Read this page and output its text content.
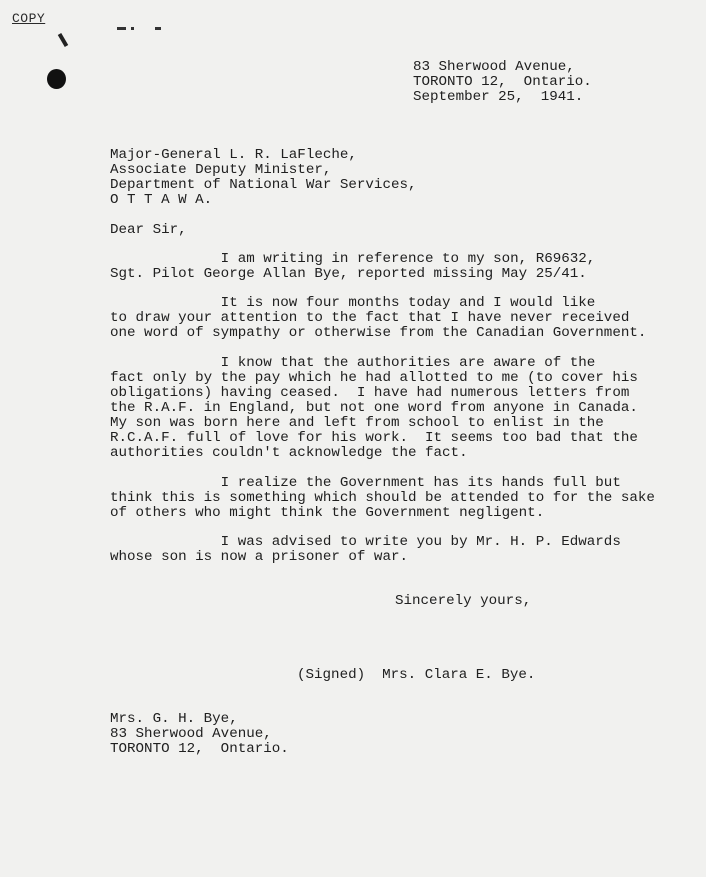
COPY
83 Sherwood Avenue,
TORONTO 12,  Ontario.
September 25,  1941.
Major-General L. R. LaFleche,
Associate Deputy Minister,
Department of National War Services,
O T T A W A.
Dear Sir,
I am writing in reference to my son, R69632,
Sgt. Pilot George Allan Bye, reported missing May 25/41.
It is now four months today and I would like
to draw your attention to the fact that I have never received
one word of sympathy or otherwise from the Canadian Government.
I know that the authorities are aware of the
fact only by the pay which he had allotted to me (to cover his
obligations) having ceased.  I have had numerous letters from
the R.A.F. in England, but not one word from anyone in Canada.
My son was born here and left from school to enlist in the
R.C.A.F. full of love for his work.  It seems too bad that the
authorities couldn't acknowledge the fact.
I realize the Government has its hands full but
think this is something which should be attended to for the sake
of others who might think the Government negligent.
I was advised to write you by Mr. H. P. Edwards
whose son is now a prisoner of war.
Sincerely yours,
(Signed)  Mrs. Clara E. Bye.
Mrs. G. H. Bye,
83 Sherwood Avenue,
TORONTO 12,  Ontario.
